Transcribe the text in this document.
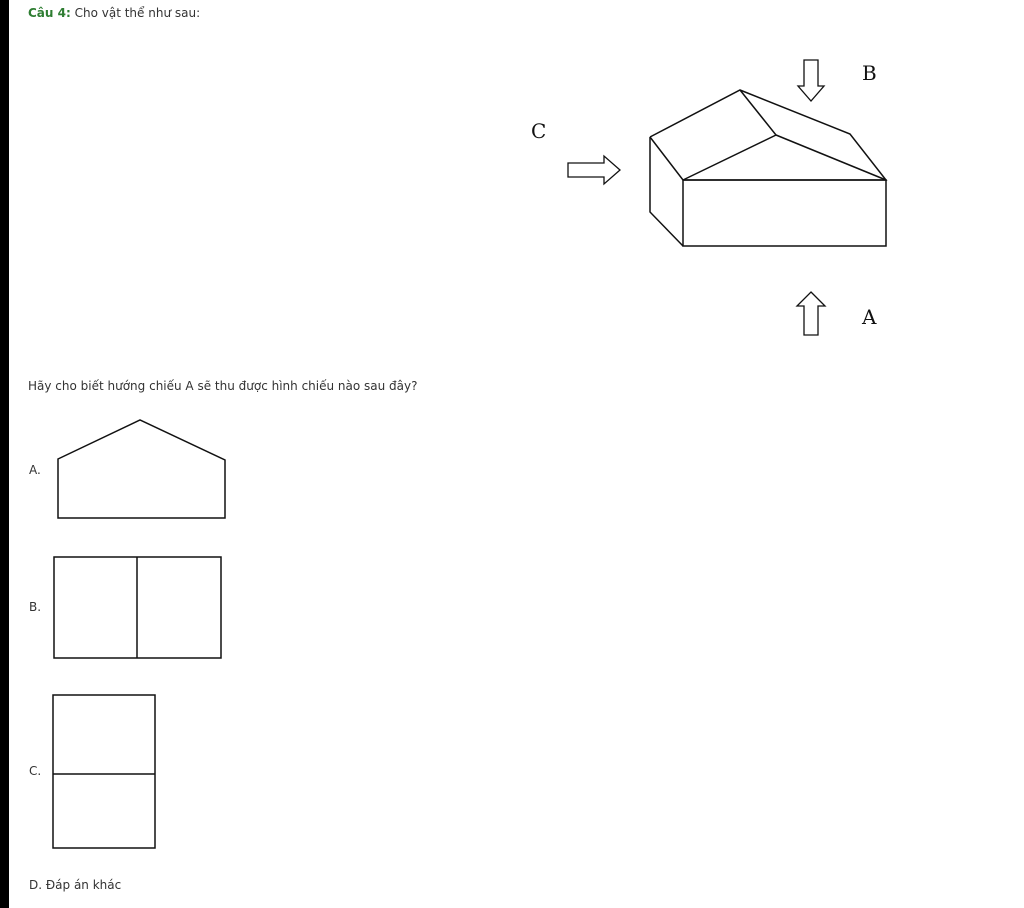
Câu 4: Cho vật thể như sau:
B
C
A
Hãy cho biết hướng chiếu A sẽ thu được hình chiếu nào sau đây?
A.
B.
C.
D. Đáp án khác
